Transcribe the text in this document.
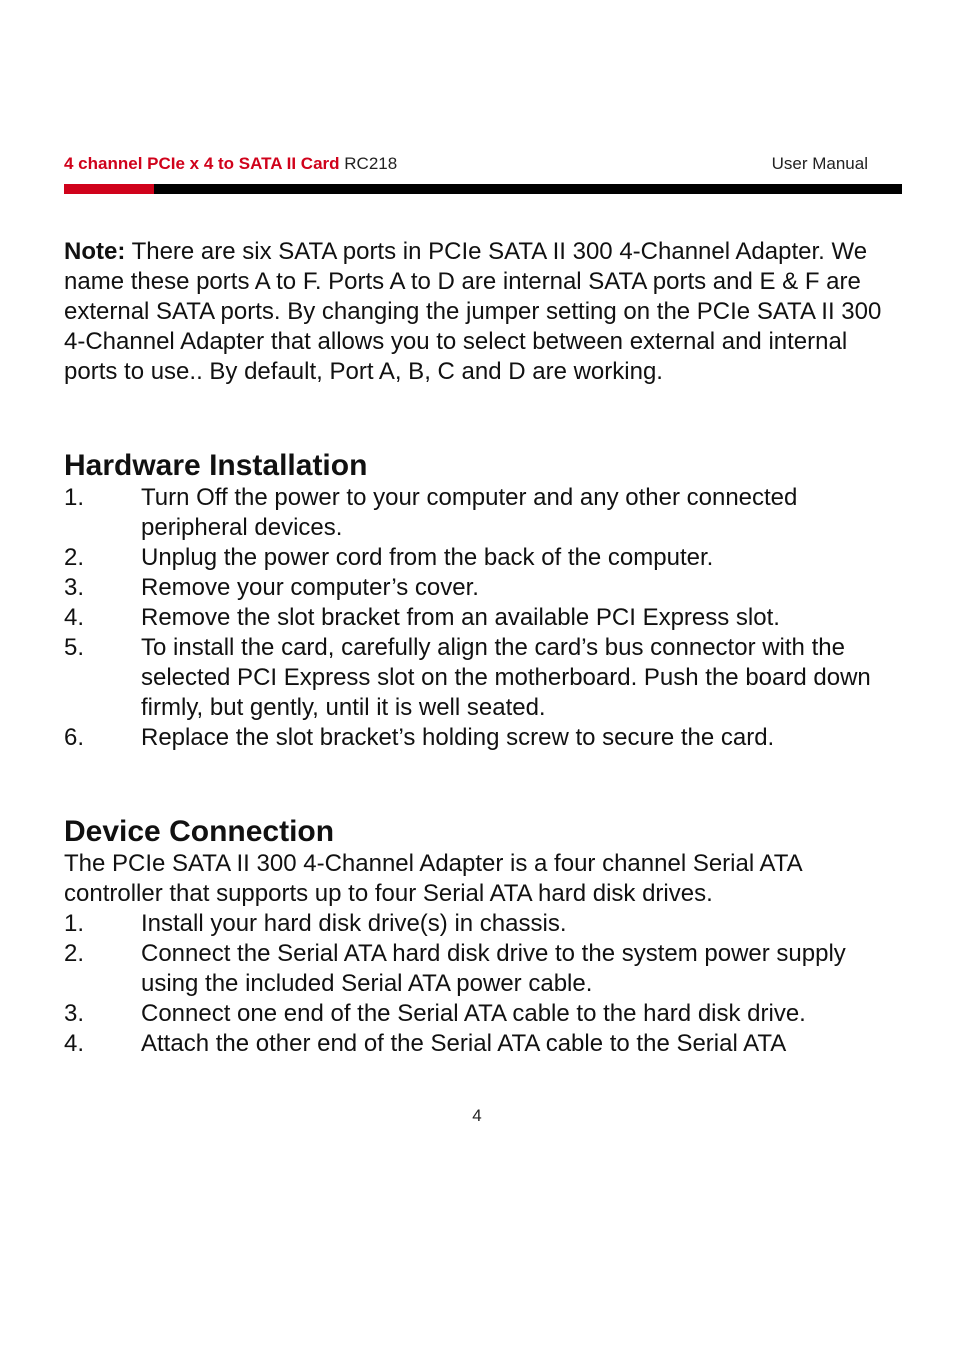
4 channel PCIe x 4 to SATA II Card RC218	User Manual

Note: There are six SATA ports in PCIe SATA II 300 4-Channel Adapter. We name these ports A to F. Ports A to D are internal SATA ports and E & F are external SATA ports. By changing the jumper setting on the PCIe SATA II 300 4-Channel Adapter that allows you to select between external and internal ports to use.. By default, Port A, B, C and D are working.

Hardware Installation
1. Turn Off the power to your computer and any other connected peripheral devices.
2. Unplug the power cord from the back of the computer.
3. Remove your computer’s cover.
4. Remove the slot bracket from an available PCI Express slot.
5. To install the card, carefully align the card’s bus connector with the selected PCI Express slot on the motherboard. Push the board down firmly, but gently, until it is well seated.
6. Replace the slot bracket’s holding screw to secure the card.
Device Connection

The PCIe SATA II 300 4-Channel Adapter is a four channel Serial ATA controller that supports up to four Serial ATA hard disk drives.

1. Install your hard disk drive(s) in chassis.
2. Connect the Serial ATA hard disk drive to the system power supply using the included Serial ATA power cable.
3. Connect one end of the Serial ATA cable to the hard disk drive.
4. Attach the other end of the Serial ATA cable to the Serial ATA
4
